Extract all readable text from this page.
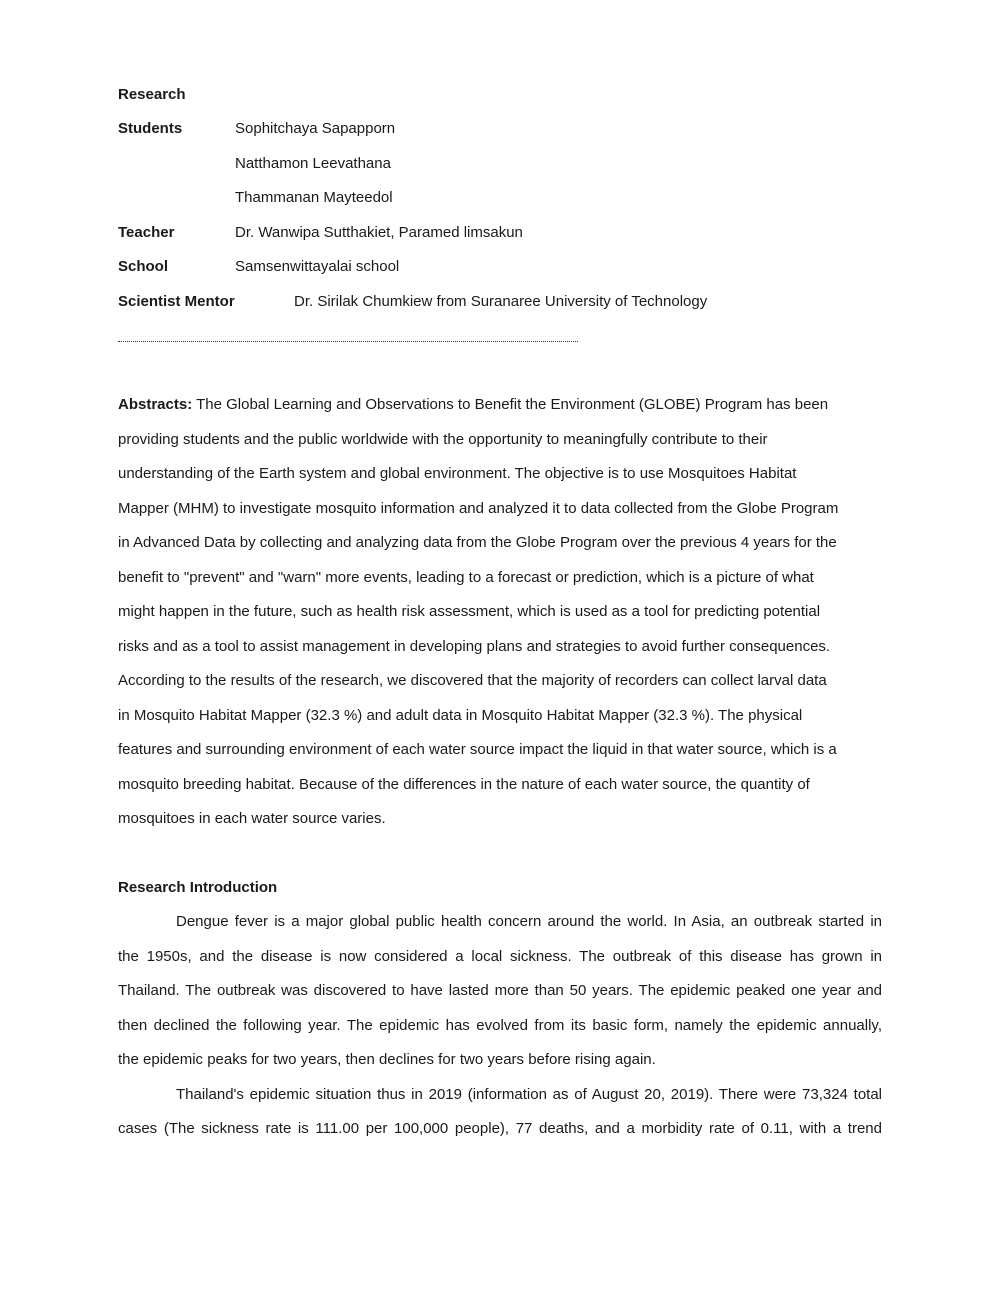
Research
Students	Sophitchaya Sapapporn
Natthamon Leevathana
Thammanan Mayteedol
Teacher	Dr. Wanwipa Sutthakiet, Paramed limsakun
School	Samsenwittayalai school
Scientist Mentor	Dr. Sirilak Chumkiew from Suranaree University of Technology
Abstracts: The Global Learning and Observations to Benefit the Environment (GLOBE) Program has been
providing students and the public worldwide with the opportunity to meaningfully contribute to their
understanding of the Earth system and global environment. The objective is to use Mosquitoes Habitat
Mapper (MHM) to investigate mosquito information and analyzed it to data collected from the Globe Program
in Advanced Data by collecting and analyzing data from the Globe Program over the previous 4 years for the
benefit to "prevent" and "warn" more events, leading to a forecast or prediction, which is a picture of what
might happen in the future, such as health risk assessment, which is used as a tool for predicting potential
risks and as a tool to assist management in developing plans and strategies to avoid further consequences.
According to the results of the research, we discovered that the majority of recorders can collect larval data
in Mosquito Habitat Mapper (32.3 %) and adult data in Mosquito Habitat Mapper (32.3 %). The physical
features and surrounding environment of each water source impact the liquid in that water source, which is a
mosquito breeding habitat. Because of the differences in the nature of each water source, the quantity of
mosquitoes in each water source varies.
Research Introduction
Dengue fever is a major global public health concern around the world. In Asia, an outbreak started in
the 1950s, and the disease is now considered a local sickness. The outbreak of this disease has grown in
Thailand. The outbreak was discovered to have lasted more than 50 years. The epidemic peaked one year and
then declined the following year. The epidemic has evolved from its basic form, namely the epidemic annually,
the epidemic peaks for two years, then declines for two years before rising again.
Thailand's epidemic situation thus in 2019 (information as of August 20, 2019). There were 73,324 total
cases (The sickness rate is 111.00 per 100,000 people), 77 deaths, and a morbidity rate of 0.11, with a trend
